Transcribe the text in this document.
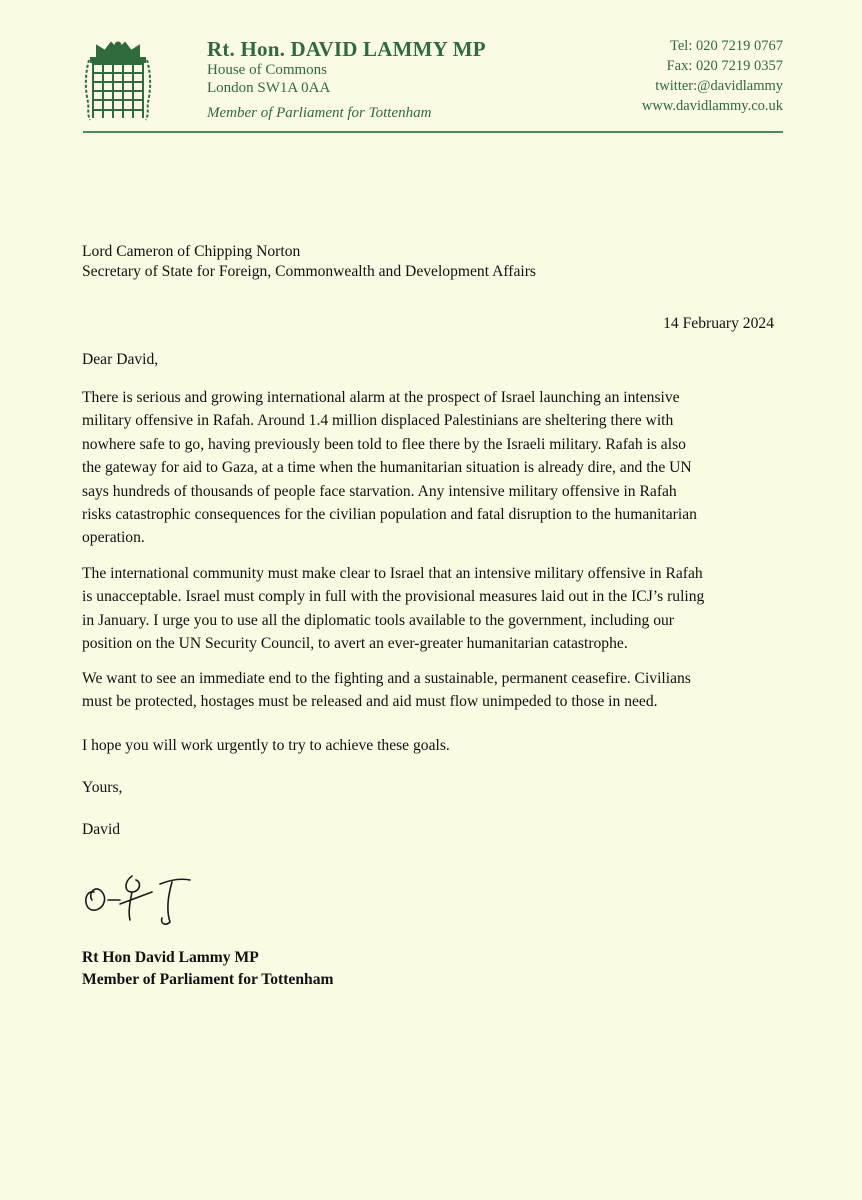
Rt. Hon. DAVID LAMMY MP
House of Commons
London SW1A 0AA
Member of Parliament for Tottenham
Tel: 020 7219 0767
Fax: 020 7219 0357
twitter:@davidlammy
www.davidlammy.co.uk
Lord Cameron of Chipping Norton
Secretary of State for Foreign, Commonwealth and Development Affairs
14 February 2024
Dear David,
There is serious and growing international alarm at the prospect of Israel launching an intensive
military offensive in Rafah. Around 1.4 million displaced Palestinians are sheltering there with
nowhere safe to go, having previously been told to flee there by the Israeli military. Rafah is also
the gateway for aid to Gaza, at a time when the humanitarian situation is already dire, and the UN
says hundreds of thousands of people face starvation. Any intensive military offensive in Rafah
risks catastrophic consequences for the civilian population and fatal disruption to the humanitarian
operation.
The international community must make clear to Israel that an intensive military offensive in Rafah
is unacceptable. Israel must comply in full with the provisional measures laid out in the ICJ’s ruling
in January. I urge you to use all the diplomatic tools available to the government, including our
position on the UN Security Council, to avert an ever-greater humanitarian catastrophe.
We want to see an immediate end to the fighting and a sustainable, permanent ceasefire. Civilians
must be protected, hostages must be released and aid must flow unimpeded to those in need.
I hope you will work urgently to try to achieve these goals.
Yours,
David
Rt Hon David Lammy MP
Member of Parliament for Tottenham
